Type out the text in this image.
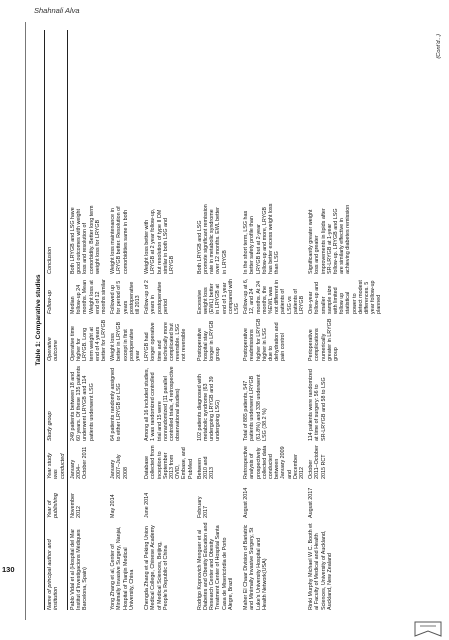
Shahnali Alva
130
Table 1: Comparative studies
Name of principal author and institution
Year of publishing
Year study was conducted
Study group
Operative outcome
Follow‑up
Conclusion
Pablo Vidal et al (Hospital del Mar Institut d’Investigacions Mèdiques Barcelona, Spain)
November 2012
January 2004–October 2011
249 patients between 18 and 60 years. Of these 135 patients underwent LRYGB and 114 patients underwent LSG
Operative time higher for LRYGB. Long term weight at end of 4 years better for LRYGB
Median follow‑up 24 months. Mean Weight loss at end of 12 months similar
Both LRYGB and LSG have good outcomes with weight loss and resolution of comorbidity. Better long term weight loss for LRYGB
Yong Zhang et al, Center of Minimally Invasive Surgery, Nanjai, Hospital of Tianjin Medical University, China
May 2014
January 2007–July 2008
64 patients randomly assigned to either LRYGB or LSG
Weight loss better in LRYGB except in first postoperative year
Followed up for period of 5 years postoperative till 2013
Weight loss maintenance in LRYGB better. Resolution of comorbidities same in both
Chengda Zhang et al Peking Union Medical College, Chinese Academy of Medical Sciences, Beijing, People’s Republic of China
June 2014
Database collected from inception to September 2013 from OVID, Embase, and PubMed
Among all 16 included studies, 1 was randomized controlled trial and 15 were nonrandomized (11 parallel controlled trials, 4 retrospective observational studies)
LRYGB had longer operative time and technically more complicated but reversible. LSG not reversible
Follow‑up of 2 years in postoperative period
Weight loss better with LRYGB at 2 year follow‑up, but resolution of type II DM similar in both LSG and LRYGB
Rodrigo Kopnovich Menguer et al Diabetes and Obesity Education and Research Center and Obesity Treatment Center of Hospital Santa Casa de Misericórdia de Porto Alegre, Brazil
February 2017
Between 2010 and 2013
102 patients diagnosed with metabolic syndrome (63 undergoing LRYGB and 39 undergoing LSG)
Postoperative hospital stay longer in LRYGB group
Excessive weight loss (EWL) better in LRYGB at end of 1 year compared with LSG
Both LRYGB and LSG promote significant remission rate in metabolic syndrome over 12 months. EWL better in LRYGB
Maher El Chaar Division of Bariatric and Minimally Invasive Surgery, St Luke’s University Hospital and Health Network(USA)
August 2014
Retrospective analysis of prospectively collected data conducted between January 2009 and December 2012
Total of 885 patients, 547 patients underwent LRYGB (61.8%) and 338 underwent LSG (38.2 %)
Postoperative readmissions higher for LRYGB higher in LSG due to dehydration and pain control
Follow‑up at 6, 12, and 24 months. At 24 months, the %EWL was not different in patients of LSG vs patients of LRYGB
In the short term, LSG has better safety profile than LRYGB but at 2‑year follow‑up and more, LRYGB has better excess weight loss than LSG
Rinki Murphy Michael W C. Booth et al Faculty of Medical and Health Sciences, University of Auckland, Auckland, New Zealand
August 2017
October 2011–October 2015 RCT
114 patients were randomized at time of surgery: 56 to SR‑LRYGB and 58 to LSG
Perioperative complications numerically greater in LRYGB group
One‑year follow‑up and smaller sample size with limited follow up statistical power to detect modest differences. 5 year follow‑up planned
Significantly greater weight loss and greater improvements in lipids after SR‑LRYGB at 1‑year follow‑up. LRYGB and LSG are similarly effective in achieving diabetes remission
(Cont’d...)
